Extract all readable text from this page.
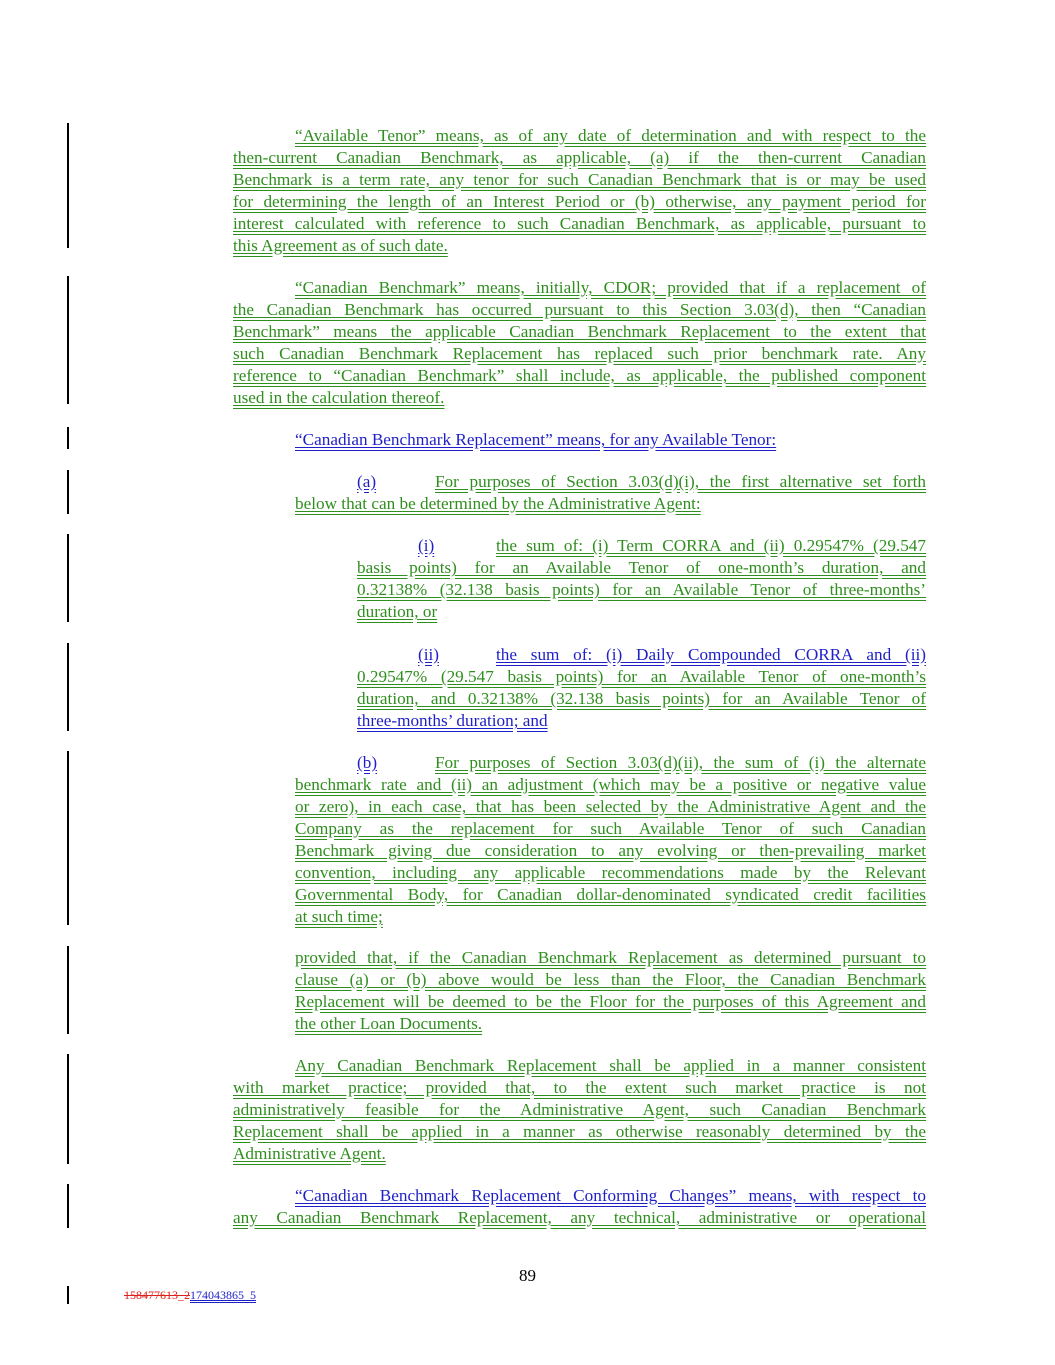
“Available Tenor” means, as of any date of determination and with respect to the
then-current Canadian Benchmark, as applicable, (a) if the then-current Canadian
Benchmark is a term rate, any tenor for such Canadian Benchmark that is or may be used
for determining the length of an Interest Period or (b) otherwise, any payment period for
interest calculated with reference to such Canadian Benchmark, as applicable, pursuant to
this Agreement as of such date.
“Canadian Benchmark” means, initially, CDOR; provided that if a replacement of
the Canadian Benchmark has occurred pursuant to this Section 3.03(d), then “Canadian
Benchmark” means the applicable Canadian Benchmark Replacement to the extent that
such Canadian Benchmark Replacement has replaced such prior benchmark rate. Any
reference to “Canadian Benchmark” shall include, as applicable, the published component
used in the calculation thereof.
“Canadian Benchmark Replacement” means, for any Available Tenor:
(a)	For purposes of Section 3.03(d)(i), the first alternative set forth
below that can be determined by the Administrative Agent:
(i)	the sum of: (i) Term CORRA and (ii) 0.29547% (29.547
basis points) for an Available Tenor of one-month’s duration, and
0.32138% (32.138 basis points) for an Available Tenor of three-months’
duration, or
(ii)	the sum of: (i) Daily Compounded CORRA and (ii)
0.29547% (29.547 basis points) for an Available Tenor of one-month’s
duration, and 0.32138% (32.138 basis points) for an Available Tenor of
three-months’ duration; and
(b)	For purposes of Section 3.03(d)(ii), the sum of (i) the alternate
benchmark rate and (ii) an adjustment (which may be a positive or negative value
or zero), in each case, that has been selected by the Administrative Agent and the
Company as the replacement for such Available Tenor of such Canadian
Benchmark giving due consideration to any evolving or then-prevailing market
convention, including any applicable recommendations made by the Relevant
Governmental Body, for Canadian dollar-denominated syndicated credit facilities
at such time;
provided that, if the Canadian Benchmark Replacement as determined pursuant to
clause (a) or (b) above would be less than the Floor, the Canadian Benchmark
Replacement will be deemed to be the Floor for the purposes of this Agreement and
the other Loan Documents.
Any Canadian Benchmark Replacement shall be applied in a manner consistent
with market practice; provided that, to the extent such market practice is not
administratively feasible for the Administrative Agent, such Canadian Benchmark
Replacement shall be applied in a manner as otherwise reasonably determined by the
Administrative Agent.
“Canadian Benchmark Replacement Conforming Changes” means, with respect to
any Canadian Benchmark Replacement, any technical, administrative or operational
89
158477613_2174043865_5
